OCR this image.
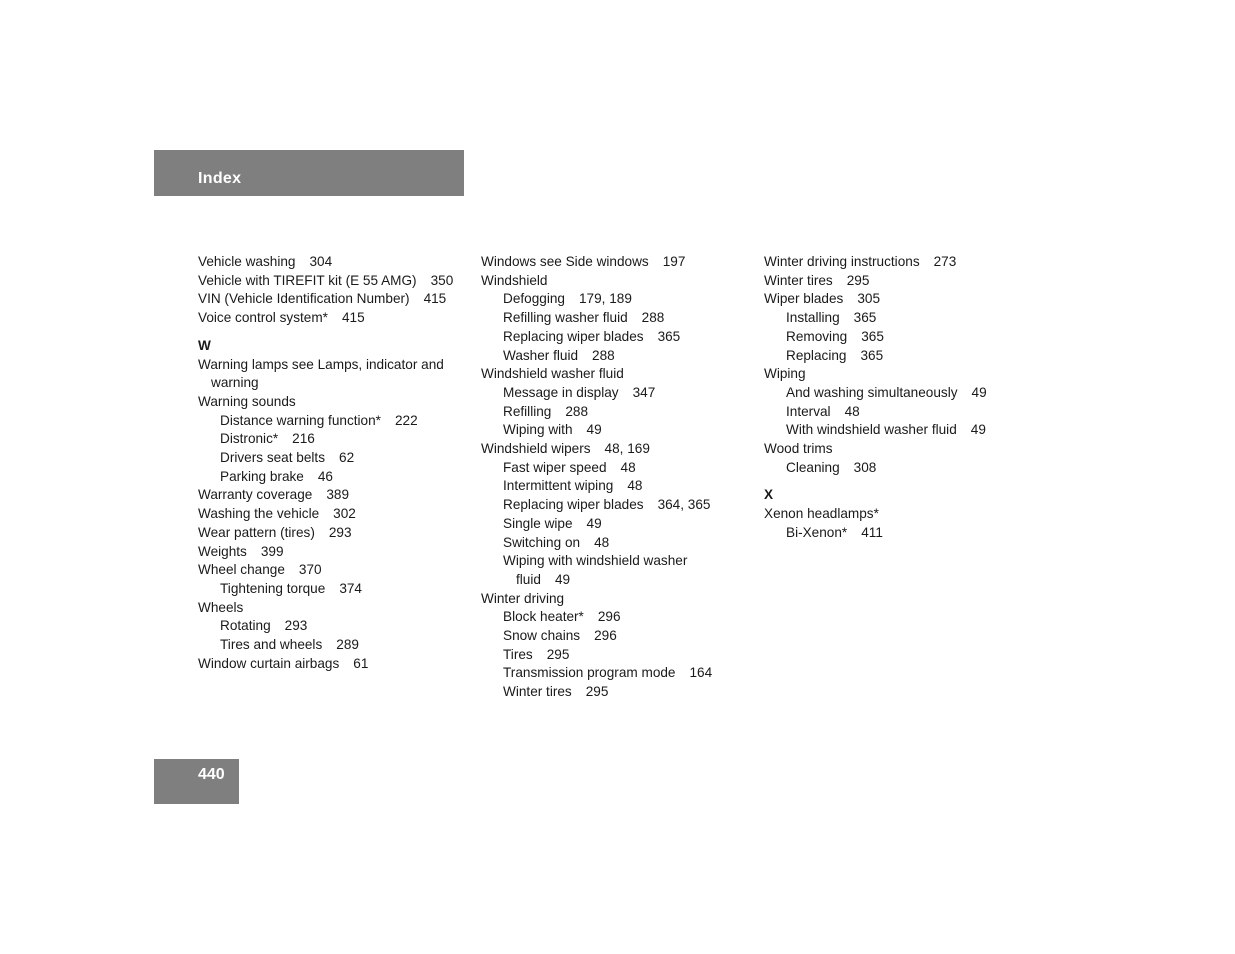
Index
Vehicle washing 304
Vehicle with TIREFIT kit (E 55 AMG) 350
VIN (Vehicle Identification Number) 415
Voice control system* 415
W
Warning lamps see Lamps, indicator and
warning
Warning sounds
Distance warning function* 222
Distronic* 216
Drivers seat belts 62
Parking brake 46
Warranty coverage 389
Washing the vehicle 302
Wear pattern (tires) 293
Weights 399
Wheel change 370
Tightening torque 374
Wheels
Rotating 293
Tires and wheels 289
Window curtain airbags 61
Windows see Side windows 197
Windshield
Defogging 179, 189
Refilling washer fluid 288
Replacing wiper blades 365
Washer fluid 288
Windshield washer fluid
Message in display 347
Refilling 288
Wiping with 49
Windshield wipers 48, 169
Fast wiper speed 48
Intermittent wiping 48
Replacing wiper blades 364, 365
Single wipe 49
Switching on 48
Wiping with windshield washer
fluid 49
Winter driving
Block heater* 296
Snow chains 296
Tires 295
Transmission program mode 164
Winter tires 295
Winter driving instructions 273
Winter tires 295
Wiper blades 305
Installing 365
Removing 365
Replacing 365
Wiping
And washing simultaneously 49
Interval 48
With windshield washer fluid 49
Wood trims
Cleaning 308
X
Xenon headlamps*
Bi-Xenon* 411
440
